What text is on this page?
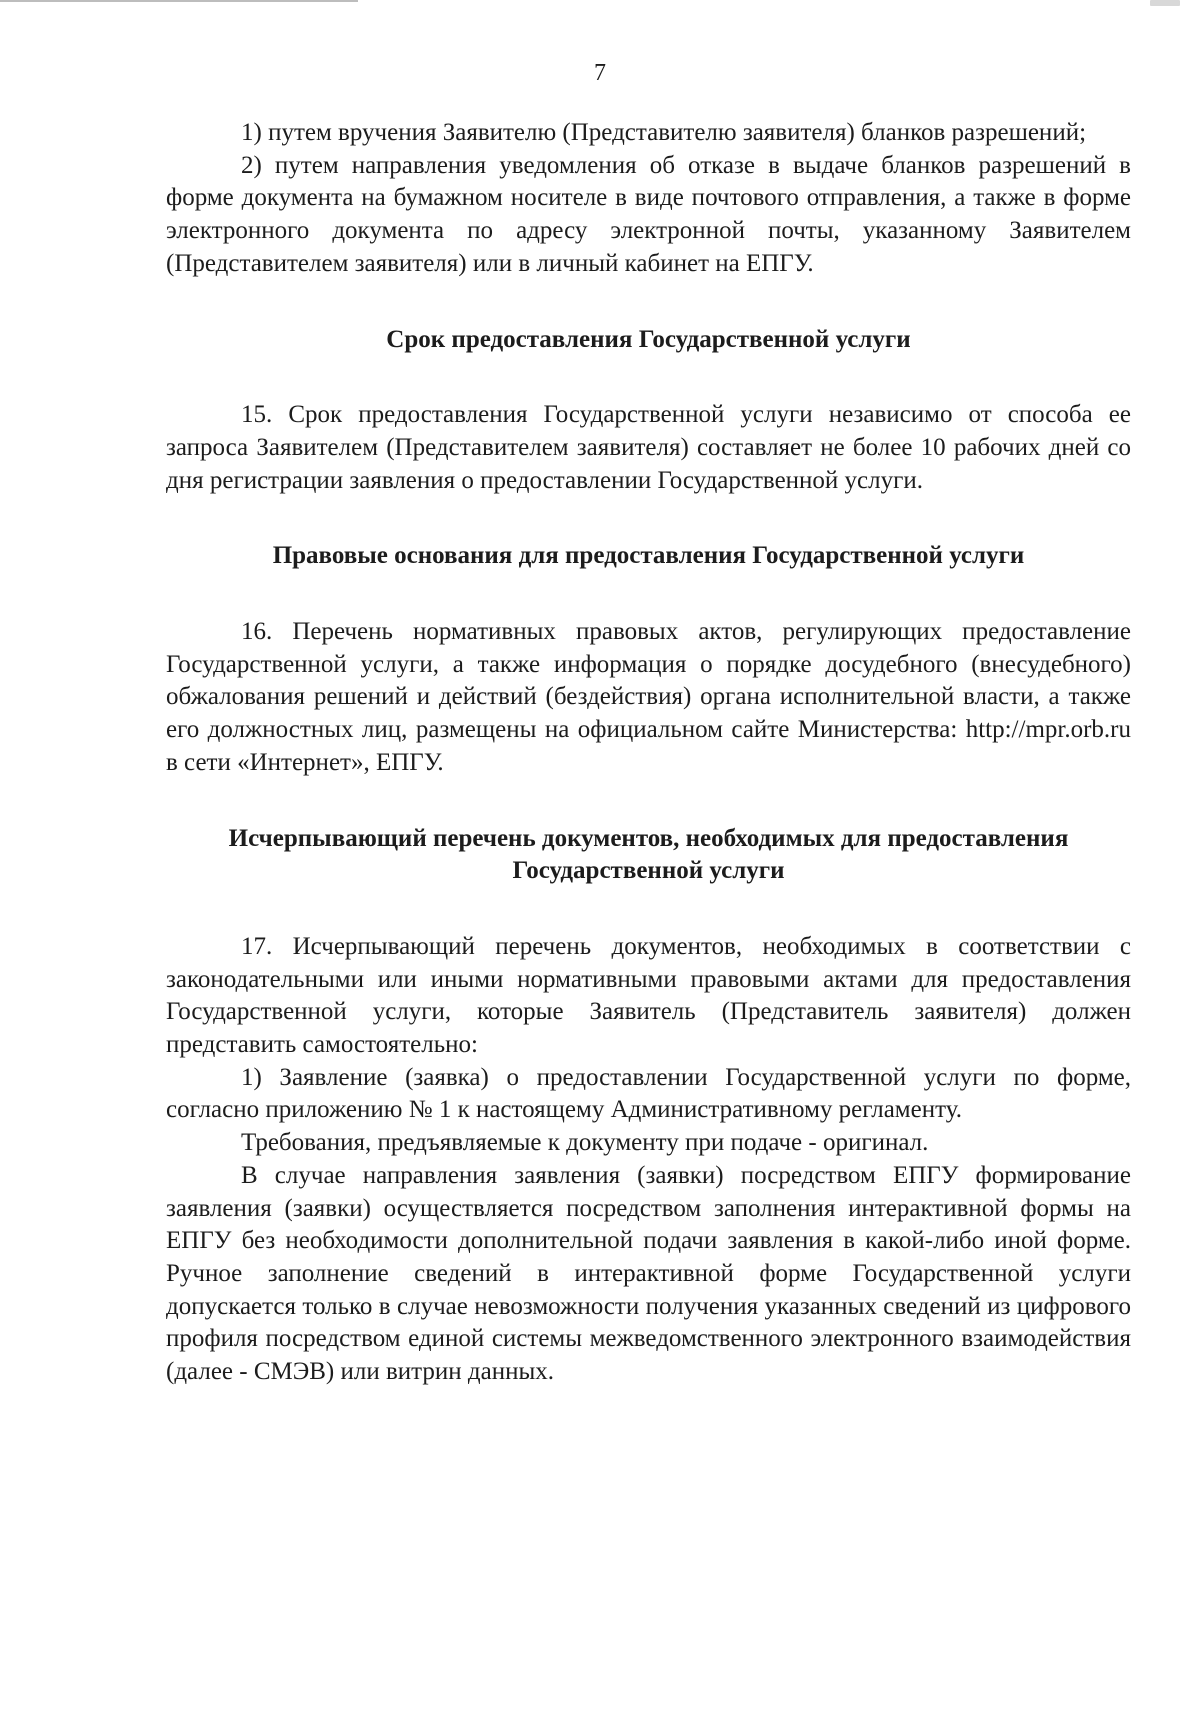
7

1) путем вручения Заявителю (Представителю заявителя) бланков разрешений;

2) путем направления уведомления об отказе в выдаче бланков разрешений в форме документа на бумажном носителе в виде почтового отправления, а также в форме электронного документа по адресу электронной почты, указанному Заявителем (Представителем заявителя) или в личный кабинет на ЕПГУ.

Срок предоставления Государственной услуги

15. Срок предоставления Государственной услуги независимо от способа ее запроса Заявителем (Представителем заявителя) составляет не более 10 рабочих дней со дня регистрации заявления о предоставлении Государственной услуги.

Правовые основания для предоставления Государственной услуги

16. Перечень нормативных правовых актов, регулирующих предоставление Государственной услуги, а также информация о порядке досудебного (внесудебного) обжалования решений и действий (бездействия) органа исполнительной власти, а также его должностных лиц, размещены на официальном сайте Министерства: http://mpr.orb.ru в сети «Интернет», ЕПГУ.

Исчерпывающий перечень документов, необходимых для предоставления
Государственной услуги

17. Исчерпывающий перечень документов, необходимых в соответствии с законодательными или иными нормативными правовыми актами для предоставления Государственной услуги, которые Заявитель (Представитель заявителя) должен представить самостоятельно:

1) Заявление (заявка) о предоставлении Государственной услуги по форме, согласно приложению № 1 к настоящему Административному регламенту.

Требования, предъявляемые к документу при подаче - оригинал.

В случае направления заявления (заявки) посредством ЕПГУ формирование заявления (заявки) осуществляется посредством заполнения интерактивной формы на ЕПГУ без необходимости дополнительной подачи заявления в какой-либо иной форме. Ручное заполнение сведений в интерактивной форме Государственной услуги допускается только в случае невозможности получения указанных сведений из цифрового профиля посредством единой системы межведомственного электронного взаимодействия (далее - СМЭВ) или витрин данных.
